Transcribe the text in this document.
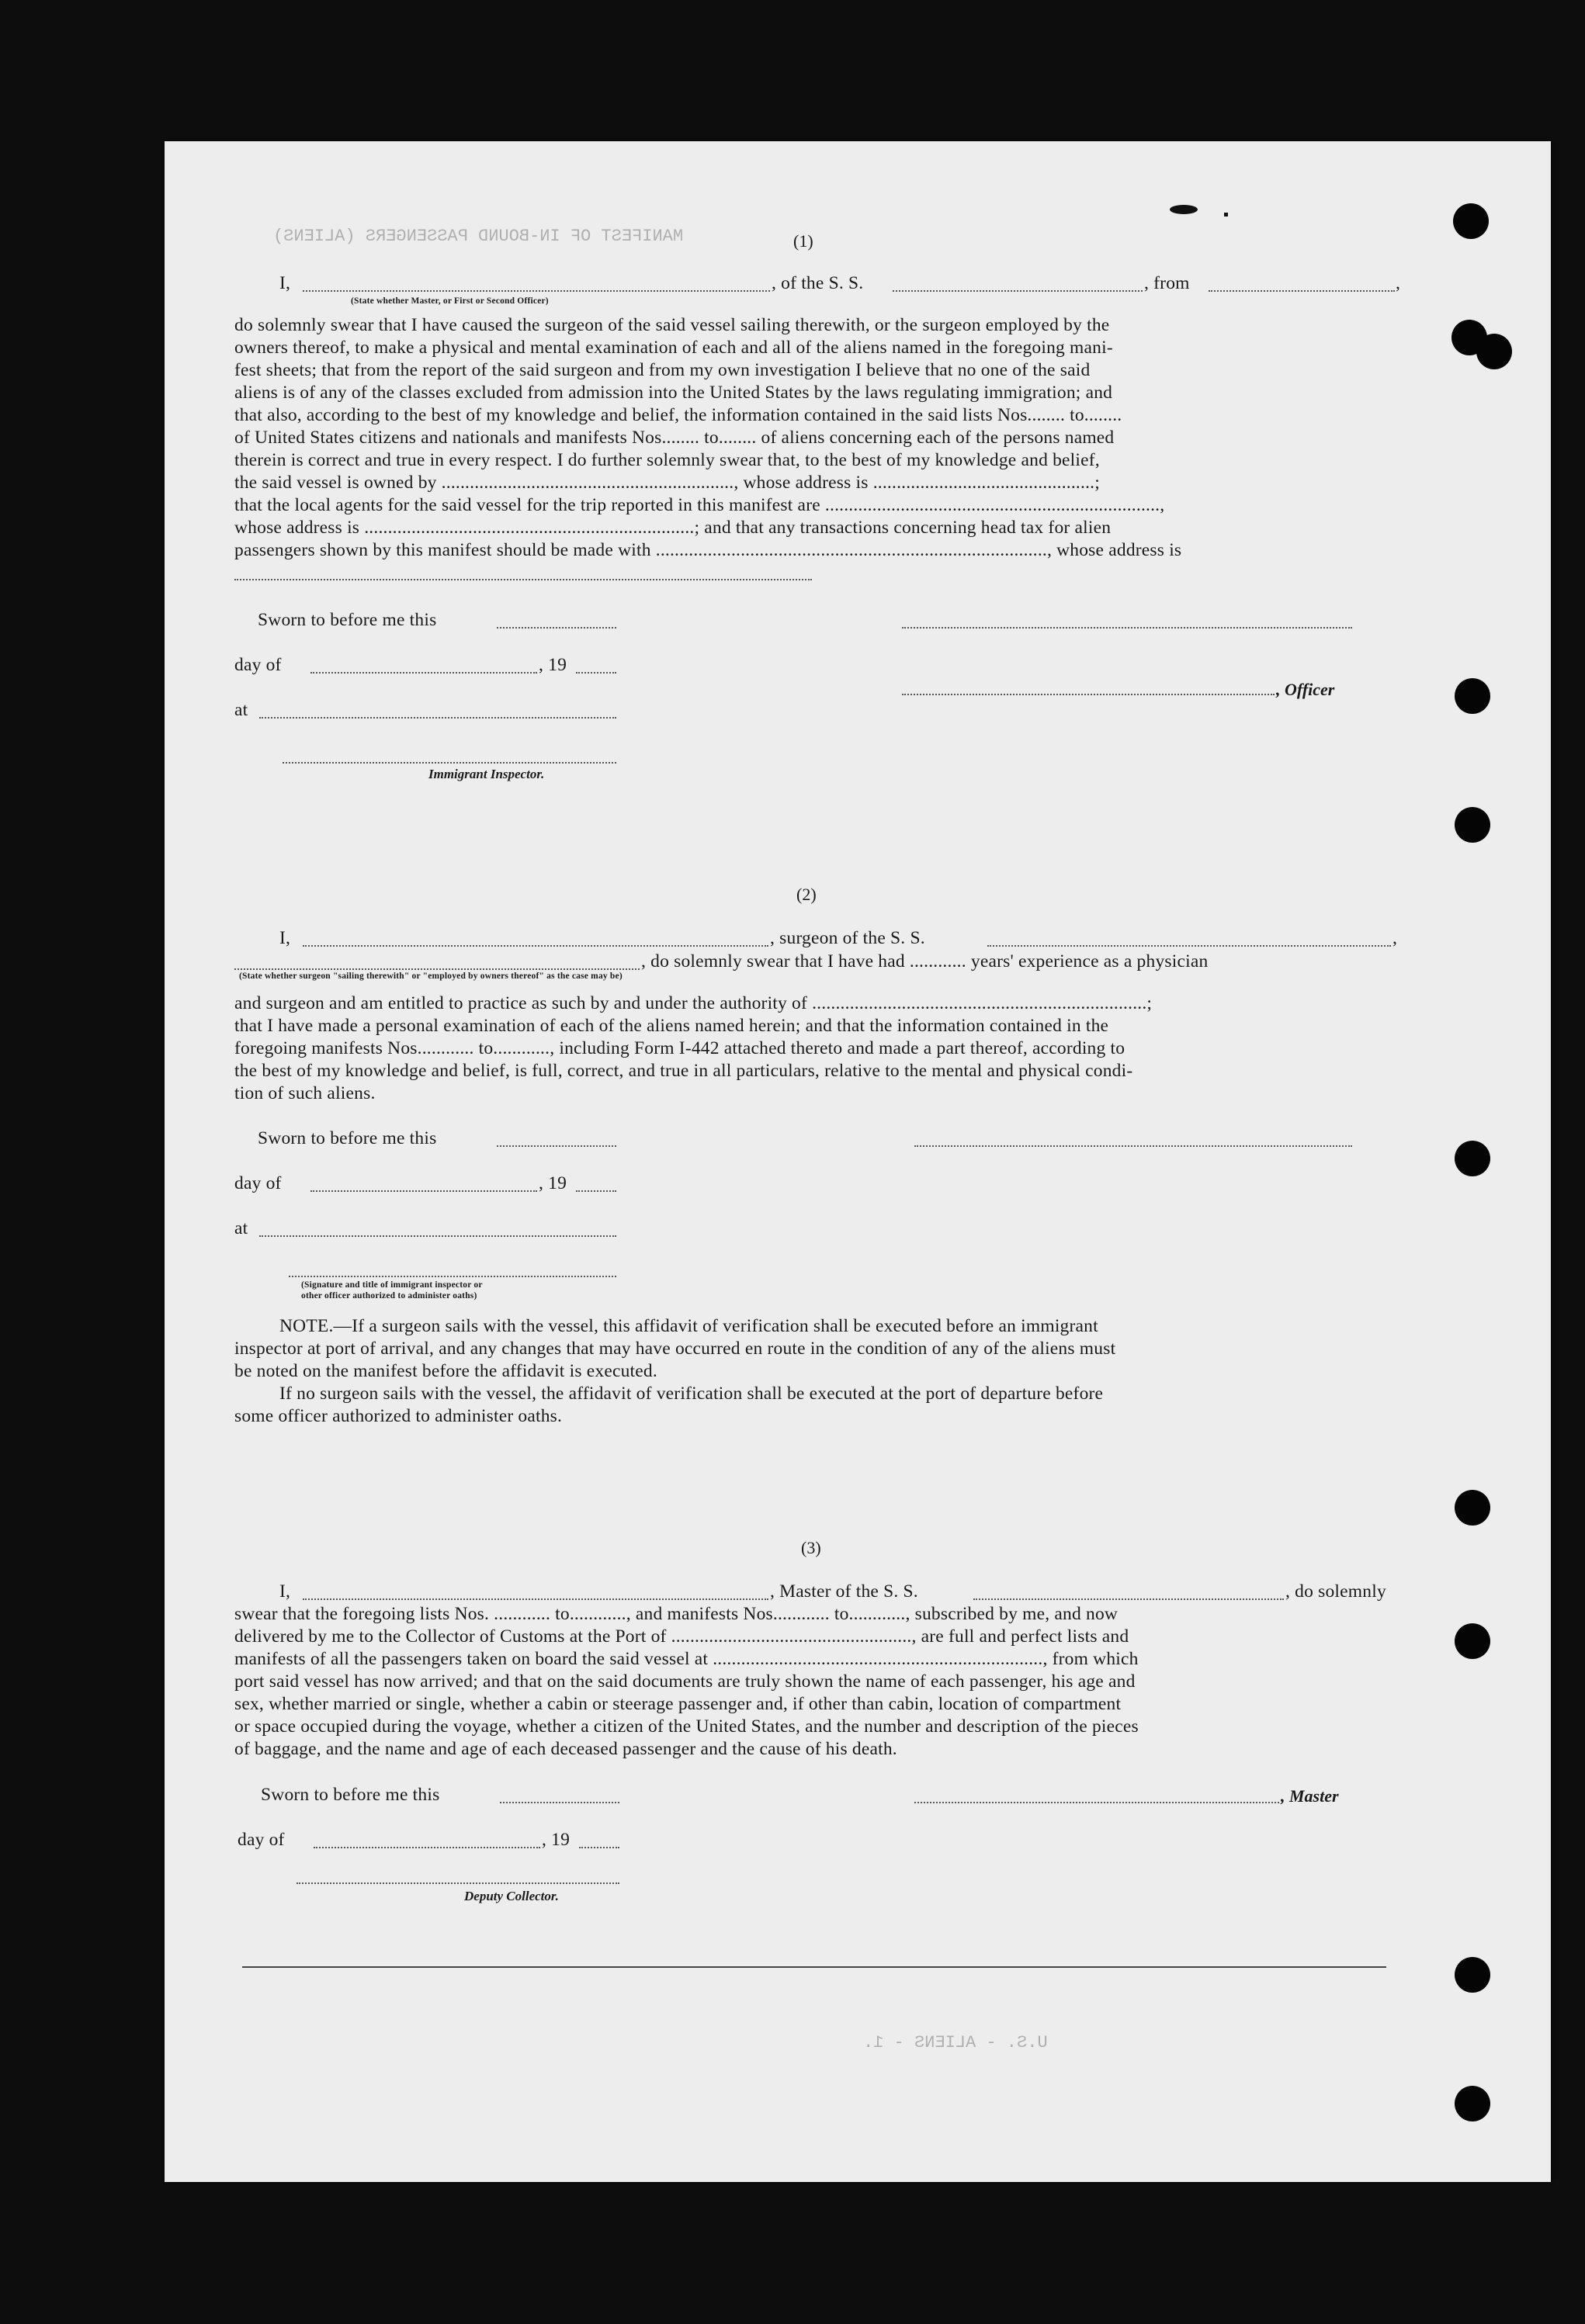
MANIFEST OF IN-BOUND PASSENGERS (ALIENS)	(1)
I,	, of the S. S.	, from	,
(State whether Master, or First or Second Officer)
do solemnly swear that I have caused the surgeon of the said vessel sailing therewith, or the surgeon employed by the
owners thereof, to make a physical and mental examination of each and all of the aliens named in the foregoing mani-
fest sheets; that from the report of the said surgeon and from my own investigation I believe that no one of the said
aliens is of any of the classes excluded from admission into the United States by the laws regulating immigration; and
that also, according to the best of my knowledge and belief, the information contained in the said lists Nos........ to........
of United States citizens and nationals and manifests Nos........ to........ of aliens concerning each of the persons named
therein is correct and true in every respect. I do further solemnly swear that, to the best of my knowledge and belief,
the said vessel is owned by .............................................................., whose address is ...............................................;
that the local agents for the said vessel for the trip reported in this manifest are .......................................................................,
whose address is ......................................................................; and that any transactions concerning head tax for alien
passengers shown by this manifest should be made with ..................................................................................., whose address is
Sworn to before me this
day of	, 19
, Officer
at
Immigrant Inspector.
(2)
I,	, surgeon of the S. S.	,
, do solemnly swear that I have had ............ years' experience as a physician
(State whether surgeon "sailing therewith" or "employed by owners thereof" as the case may be)
and surgeon and am entitled to practice as such by and under the authority of .......................................................................;
that I have made a personal examination of each of the aliens named herein; and that the information contained in the
foregoing manifests Nos............ to............, including Form I-442 attached thereto and made a part thereof, according to
the best of my knowledge and belief, is full, correct, and true in all particulars, relative to the mental and physical condi-
tion of such aliens.
Sworn to before me this
day of	, 19
at
(Signature and title of immigrant inspector or
other officer authorized to administer oaths)
NOTE.—If a surgeon sails with the vessel, this affidavit of verification shall be executed before an immigrant
inspector at port of arrival, and any changes that may have occurred en route in the condition of any of the aliens must
be noted on the manifest before the affidavit is executed.
If no surgeon sails with the vessel, the affidavit of verification shall be executed at the port of departure before
some officer authorized to administer oaths.
(3)
I,	, Master of the S. S.	, do solemnly
swear that the foregoing lists Nos. ............ to............, and manifests Nos............ to............, subscribed by me, and now
delivered by me to the Collector of Customs at the Port of ..................................................., are full and perfect lists and
manifests of all the passengers taken on board the said vessel at ......................................................................, from which
port said vessel has now arrived; and that on the said documents are truly shown the name of each passenger, his age and
sex, whether married or single, whether a cabin or steerage passenger and, if other than cabin, location of compartment
or space occupied during the voyage, whether a citizen of the United States, and the number and description of the pieces
of baggage, and the name and age of each deceased passenger and the cause of his death.
Sworn to before me this	, Master
day of	, 19
Deputy Collector.
U.S. - ALIENS - 1.
